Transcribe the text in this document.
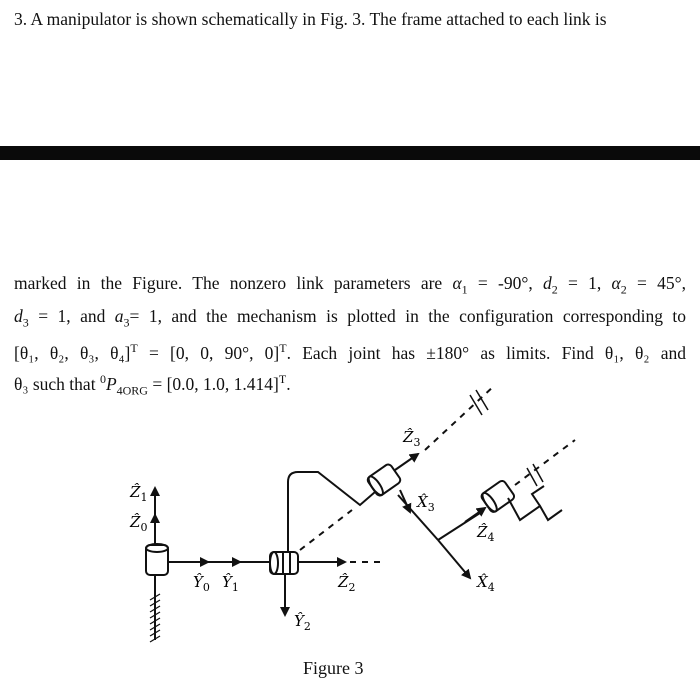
3. A manipulator is shown schematically in Fig. 3. The frame attached to each link is

marked in the Figure. The nonzero link parameters are $\alpha_1 = -90^\circ$, $d_2 = 1$, $\alpha_2 = 45^\circ$,

$d_3 = 1$, and $a_3= 1$, and the mechanism is plotted in the configuration corresponding to

[θ₁, θ₂, θ₃, θ₄]$^T$ = [0, 0, 90°, 0]$^T$. Each joint has ±180° as limits. Find θ₁, θ₂ and

θ₃ such that $^0P_{4ORG} = [0.0$, 1.0, 1.414]$^T$.

Ẑ$_1$
Ẑ$_0$
$Ŷ_0$ $Ŷ_1$
$Ŷ_2$
Ẑ$_2$
Ẑ$_3$
$X̂_3$
Ẑ$_4$
$X̂_4$
Figure 3
